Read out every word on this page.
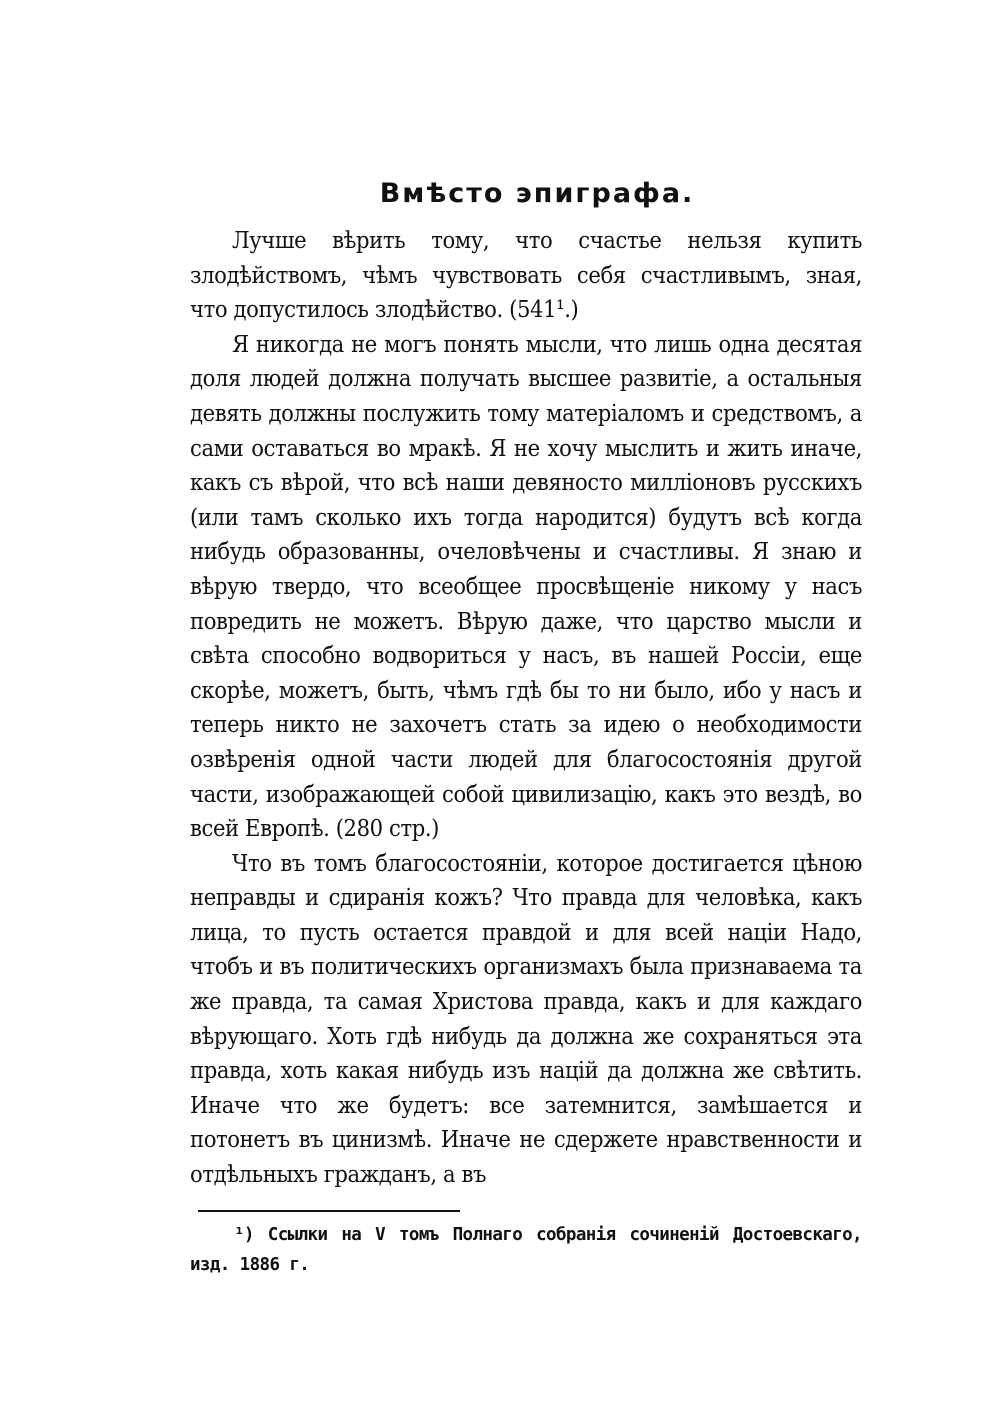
Вмѣсто эпиграфа.

Лучше вѣрить тому, что счастье нельзя купить злодѣйствомъ, чѣмъ чувствовать себя счастливымъ, зная, что допустилось злодѣйство. (541¹.)

Я никогда не могъ понять мысли, что лишь одна десятая доля людей должна получать высшее развитіе, а остальныя девять должны послужить тому матеріаломъ и средствомъ, а сами оставаться во мракѣ. Я не хочу мыслить и жить иначе, какъ съ вѣрой, что всѣ наши девяносто милліоновъ русскихъ (или тамъ сколько ихъ тогда народится) будутъ всѣ когда нибудь образованны, очеловѣчены и счастливы. Я знаю и вѣрую твердо, что всеобщее просвѣщеніе никому у насъ повредить не можетъ. Вѣрую даже, что царство мысли и свѣта способно водвориться у насъ, въ нашей Россіи, еще скорѣе, можетъ, быть, чѣмъ гдѣ бы то ни было, ибо у насъ и теперь никто не захочетъ стать за идею о необходимости озвѣренія одной части людей для благосостоянія другой части, изображающей собой цивилизацію, какъ это вездѣ, во всей Европѣ. (280 стр.)

Что въ томъ благосостояніи, которое достигается цѣною неправды и сдиранія кожъ? Что правда для человѣка, какъ лица, то пусть остается правдой и для всей націи Надо, чтобъ и въ политическихъ организмахъ была признаваема та же правда, та самая Христова правда, какъ и для каждаго вѣрующаго. Хоть гдѣ нибудь да должна же сохраняться эта правда, хоть какая нибудь изъ націй да должна же свѣтить. Иначе что же будетъ: все затемнится, замѣшается и потонетъ въ цинизмѣ. Иначе не сдержете нравственности и отдѣльныхъ гражданъ, а въ

¹) Ссылки на V томъ Полнаго собранія сочиненій Достоевскаго, изд. 1886 г.
